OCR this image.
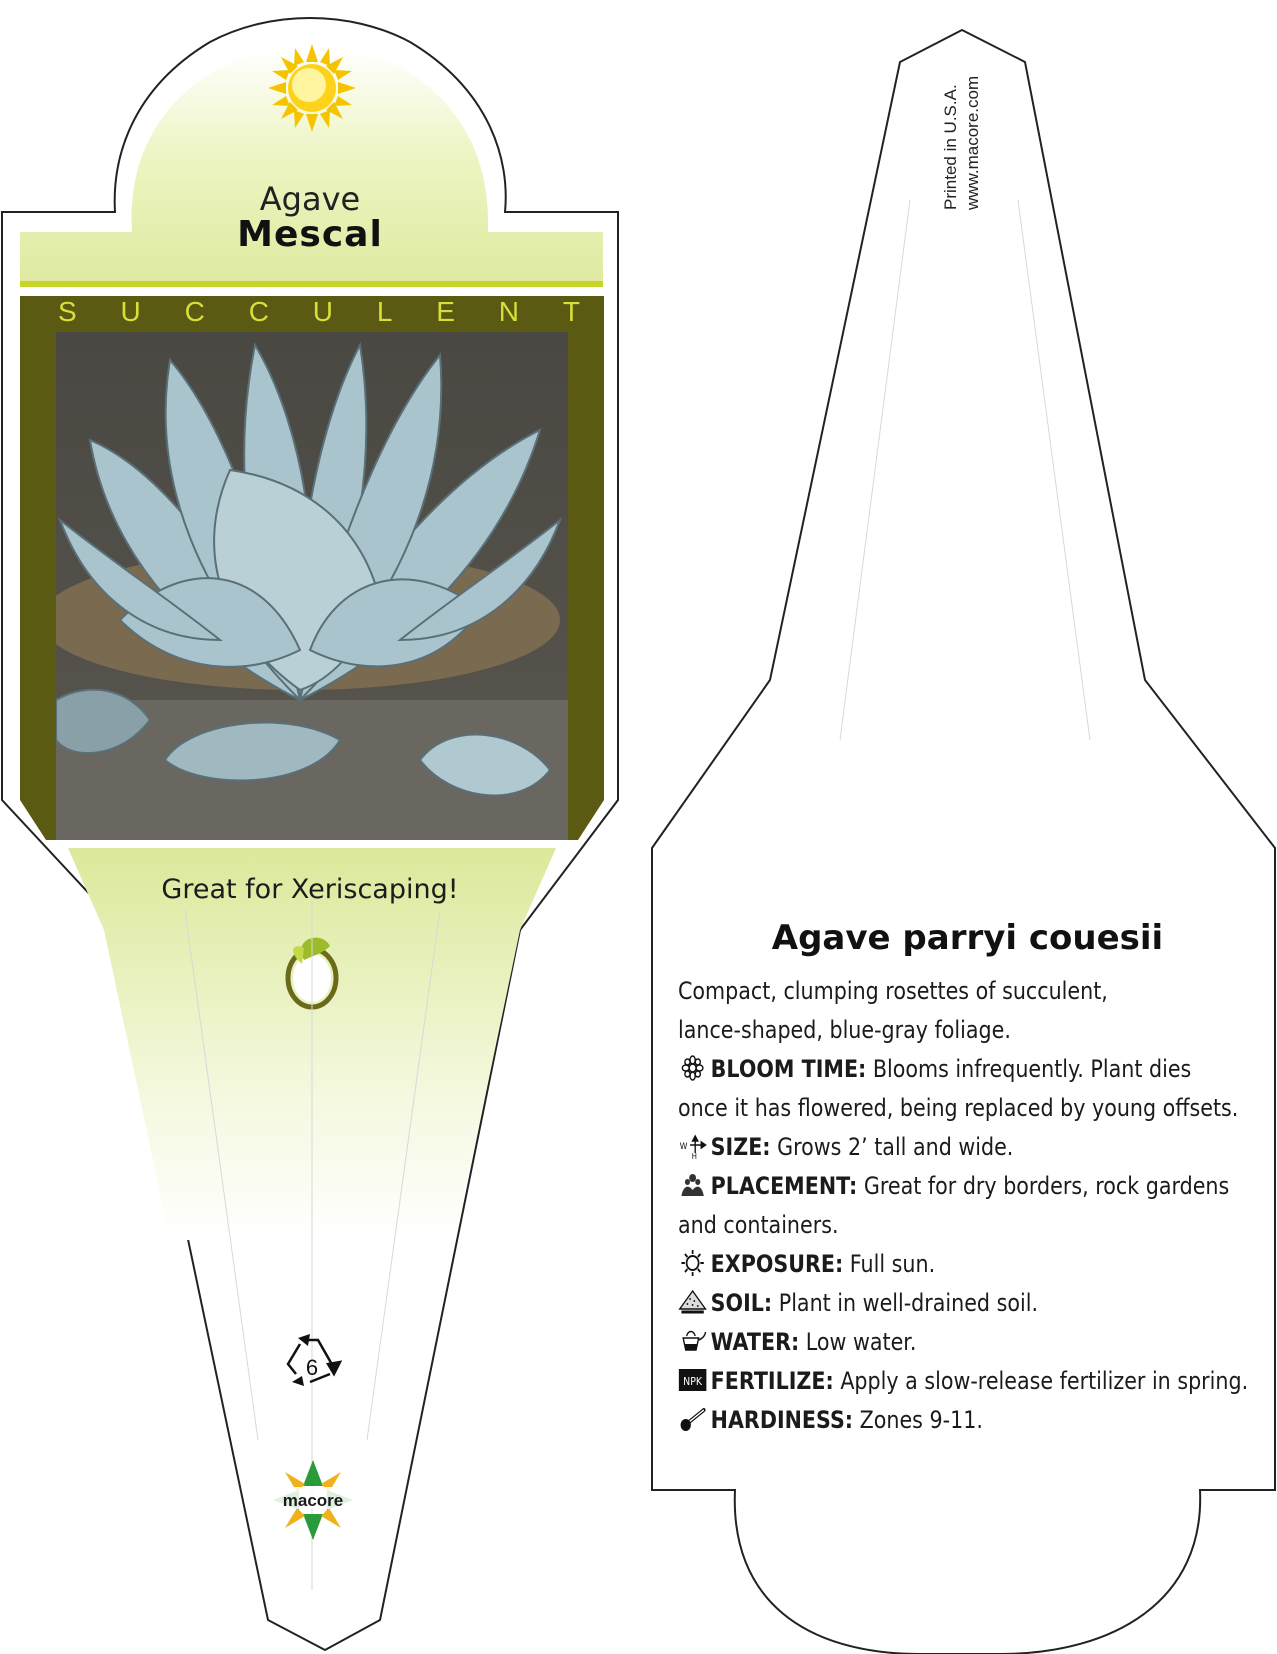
Agave
Mescal
S U C C U L E N T
Great for Xeriscaping!
6
macore
Printed in U.S.A. www.macore.com
Agave parryi couesii
Compact, clumping rosettes of succulent,
lance-shaped, blue-gray foliage.
BLOOM TIME: Blooms infrequently. Plant dies
once it has flowered, being replaced by young offsets.
W
H SIZE: Grows 2’ tall and wide.
PLACEMENT: Great for dry borders, rock gardens
and containers.
EXPOSURE: Full sun.
SOIL: Plant in well-drained soil.
WATER: Low water.
NPK FERTILIZE: Apply a slow-release fertilizer in spring.
HARDINESS: Zones 9-11.
